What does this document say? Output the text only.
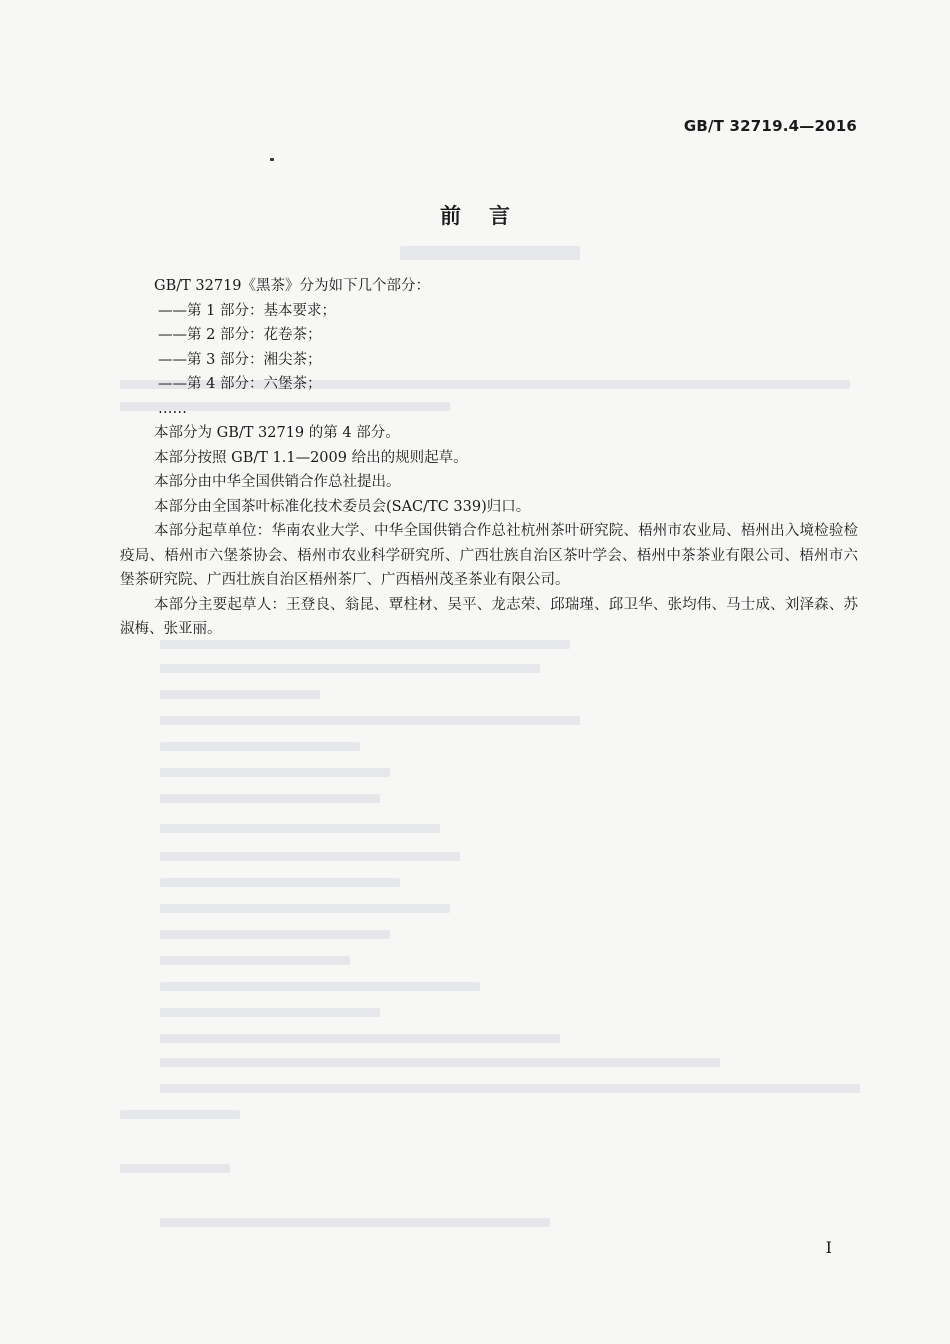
GB/T 32719.4—2016
前言

GB/T 32719《黑茶》分为如下几个部分：

——第 1 部分：基本要求；

——第 2 部分：花卷茶；

——第 3 部分：湘尖茶；

——第 4 部分：六堡茶；

……

本部分为 GB/T 32719 的第 4 部分。

本部分按照 GB/T 1.1—2009 给出的规则起草。

本部分由中华全国供销合作总社提出。

本部分由全国茶叶标准化技术委员会(SAC/TC 339)归口。

本部分起草单位：华南农业大学、中华全国供销合作总社杭州茶叶研究院、梧州市农业局、梧州出入境检验检疫局、梧州市六堡茶协会、梧州市农业科学研究所、广西壮族自治区茶叶学会、梧州中茶茶业有限公司、梧州市六堡茶研究院、广西壮族自治区梧州茶厂、广西梧州茂圣茶业有限公司。

本部分主要起草人：王登良、翁昆、覃柱材、吴平、龙志荣、邱瑞瑾、邱卫华、张均伟、马士成、刘泽森、苏淑梅、张亚丽。

I
